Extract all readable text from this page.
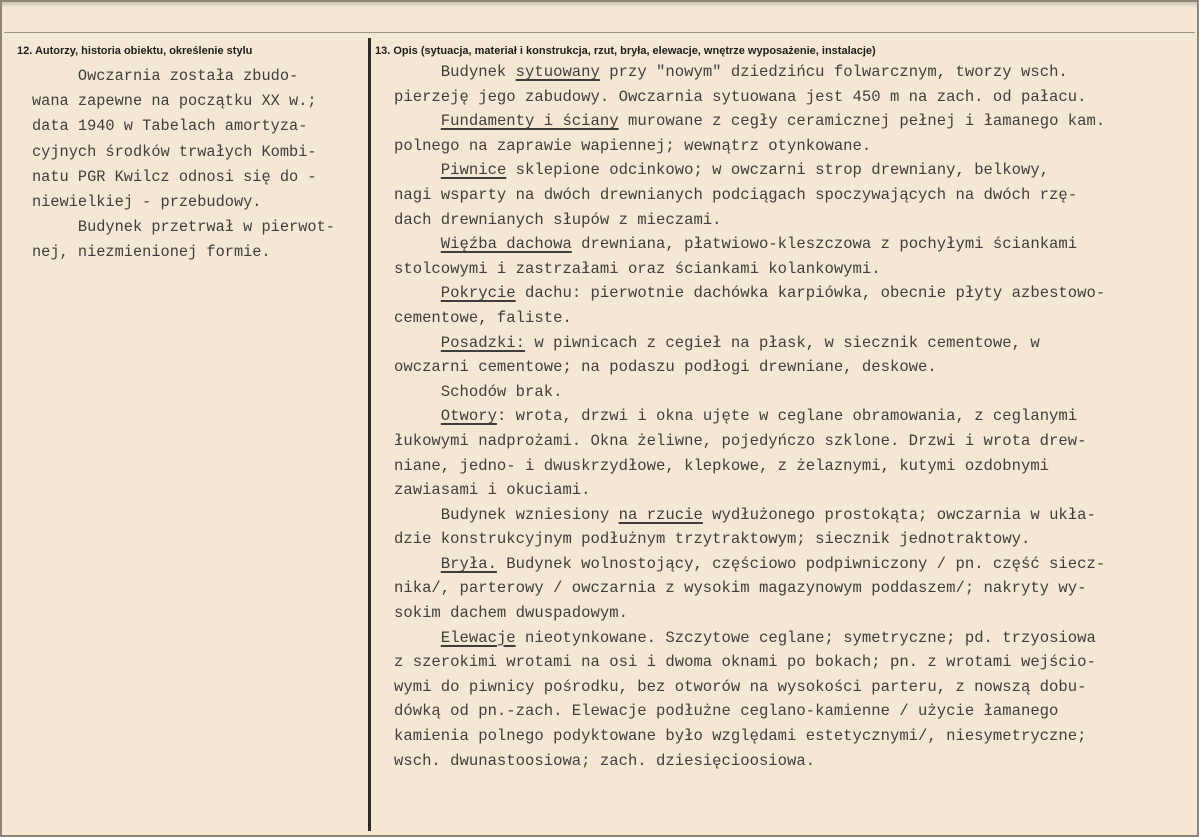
12. Autorzy, historia obiektu, określenie stylu	13. Opis (sytuacja, materiał i konstrukcja, rzut, bryła, elewacje, wnętrze wyposażenie, instalacje)
Owczarnia została zbudo-
wana zapewne na początku XX w.;
data 1940 w Tabelach amortyza-
cyjnych środków trwałych Kombi-
natu PGR Kwilcz odnosi się do -
niewielkiej - przebudowy.
Budynek przetrwał w pierwot-
nej, niezmienionej formie.
Budynek sytuowany przy "nowym" dziedzińcu folwarcznym, tworzy wsch.
pierzeję jego zabudowy. Owczarnia sytuowana jest 450 m na zach. od pałacu.
Fundamenty i ściany murowane z cegły ceramicznej pełnej i łamanego kam.
polnego na zaprawie wapiennej; wewnątrz otynkowane.
Piwnice sklepione odcinkowo; w owczarni strop drewniany, belkowy,
nagi wsparty na dwóch drewnianych podciągach spoczywających na dwóch rzę-
dach drewnianych słupów z mieczami.
Więźba dachowa drewniana, płatwiowo-kleszczowa z pochyłymi ściankami
stolcowymi i zastrzałami oraz ściankami kolankowymi.
Pokrycie dachu: pierwotnie dachówka karpiówka, obecnie płyty azbestowo-
cementowe, faliste.
Posadzki: w piwnicach z cegieł na płask, w siecznik cementowe, w
owczarni cementowe; na podaszu podłogi drewniane, deskowe.
Schodów brak.
Otwory: wrota, drzwi i okna ujęte w ceglane obramowania, z ceglanymi
łukowymi nadprożami. Okna żeliwne, pojedyńczo szklone. Drzwi i wrota drew-
niane, jedno- i dwuskrzydłowe, klepkowe, z żelaznymi, kutymi ozdobnymi
zawiasami i okuciami.
Budynek wzniesiony na rzucie wydłużonego prostokąta; owczarnia w ukła-
dzie konstrukcyjnym podłużnym trzytraktowym; siecznik jednotraktowy.
Bryła. Budynek wolnostojący, częściowo podpiwniczony / pn. część siecz-
nika/, parterowy / owczarnia z wysokim magazynowym poddaszem/; nakryty wy-
sokim dachem dwuspadowym.
Elewacje nieotynkowane. Szczytowe ceglane; symetryczne; pd. trzyosiowa
z szerokimi wrotami na osi i dwoma oknami po bokach; pn. z wrotami wejścio-
wymi do piwnicy pośrodku, bez otworów na wysokości parteru, z nowszą dobu-
dówką od pn.-zach. Elewacje podłużne ceglano-kamienne / użycie łamanego
kamienia polnego podyktowane było względami estetycznymi/, niesymetryczne;
wsch. dwunastoosiowa; zach. dziesięcioosiowa.
